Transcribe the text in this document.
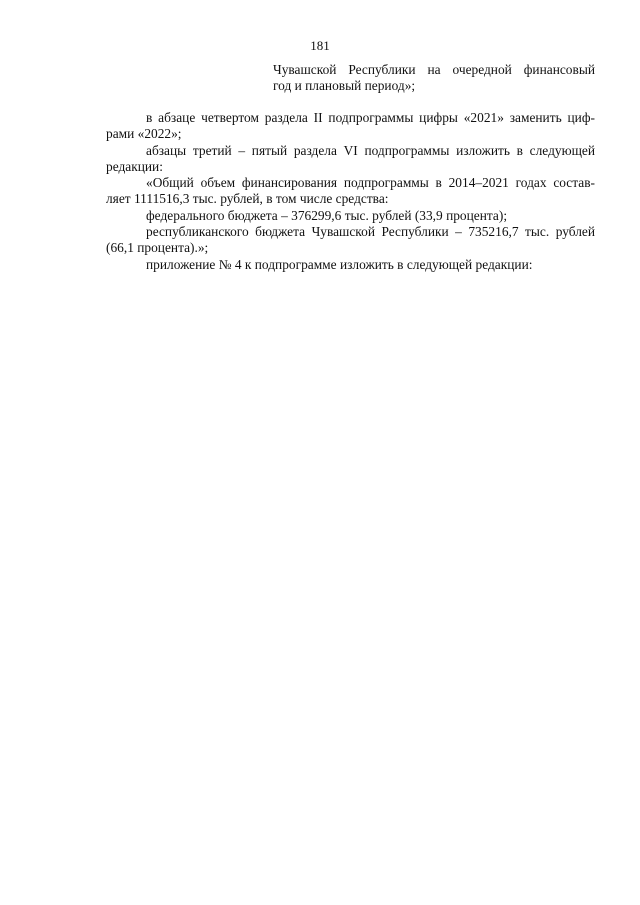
181
Чувашской Республики на очередной финансовый
год и плановый период»;
в абзаце четвертом раздела II подпрограммы цифры «2021» заменить циф-
рами «2022»;
абзацы третий – пятый раздела VI подпрограммы изложить в следующей
редакции:
«Общий объем финансирования подпрограммы в 2014–2021 годах состав-
ляет 1111516,3 тыс. рублей, в том числе средства:
федерального бюджета – 376299,6 тыс. рублей (33,9 процента);
республиканского бюджета Чувашской Республики – 735216,7 тыс. рублей
(66,1 процента).»;
приложение № 4 к подпрограмме изложить в следующей редакции:
